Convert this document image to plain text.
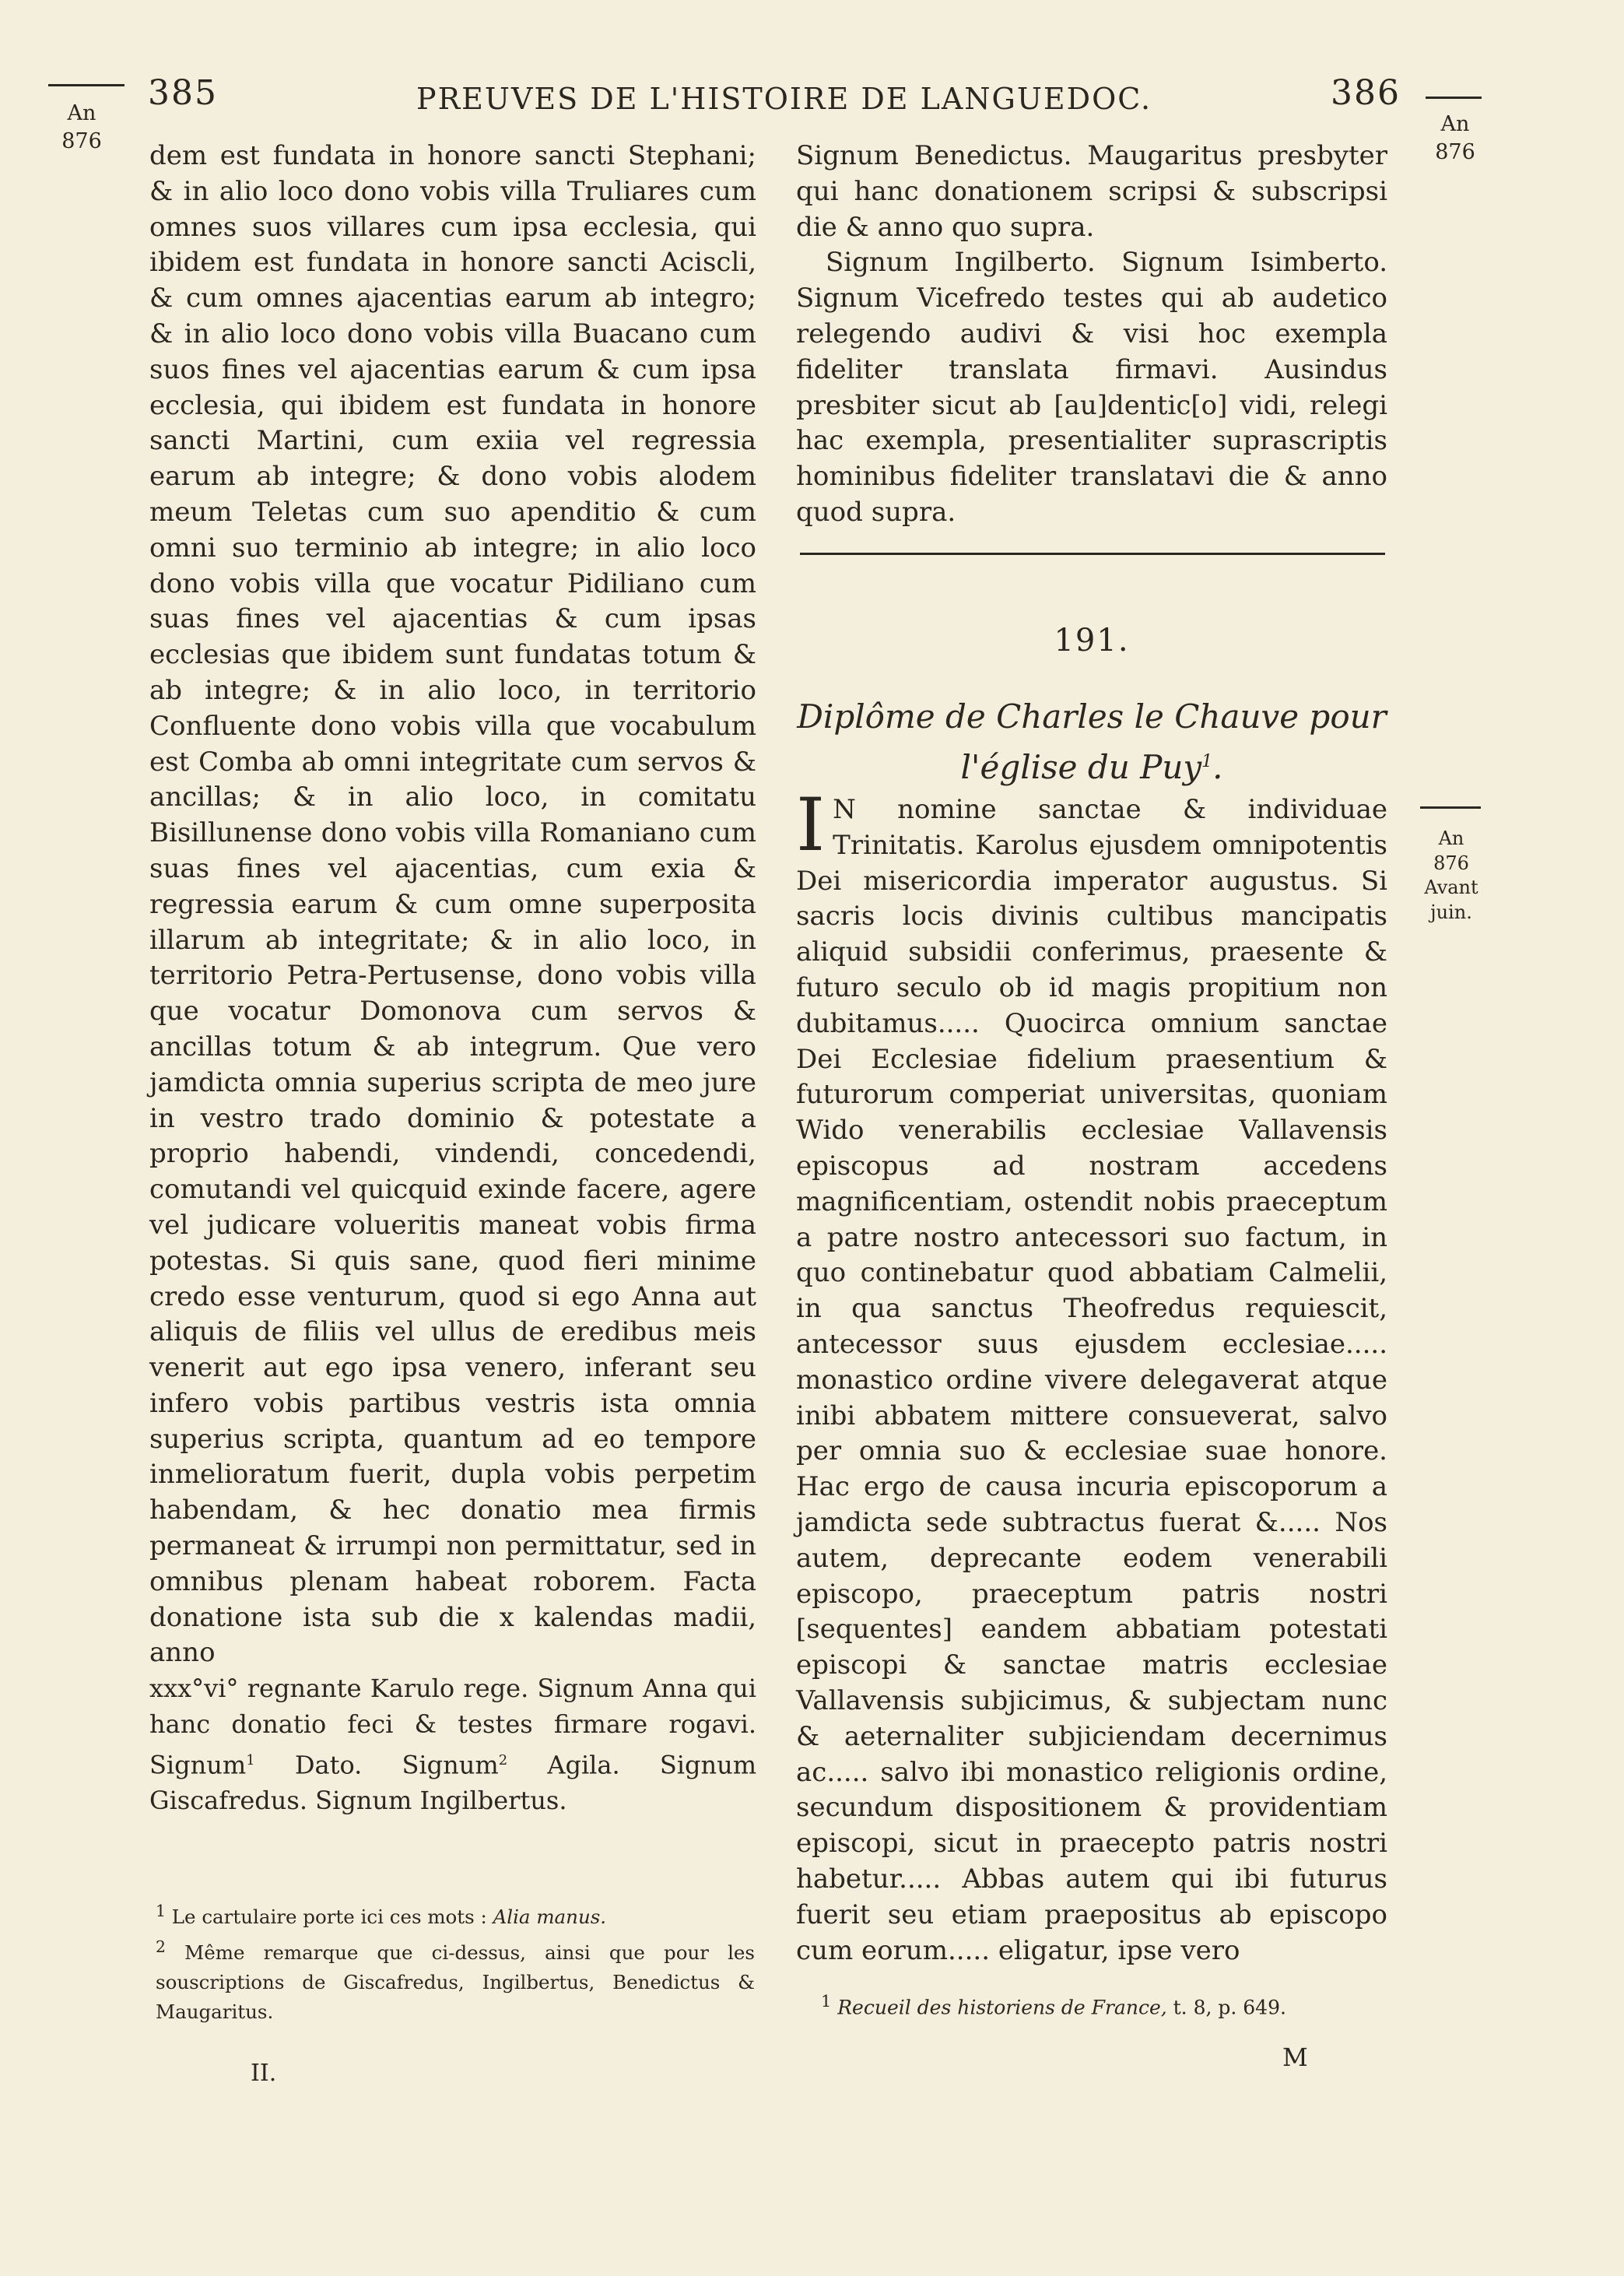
385	PREUVES DE L'HISTOIRE DE LANGUEDOC.	386
An
876
An
876
An
876
Avant
juin.

dem est fundata in honore sancti Stephani; & in alio loco dono vobis villa Truliares cum omnes suos villares cum ipsa ecclesia, qui ibidem est fundata in honore sancti Aciscli, & cum omnes ajacentias earum ab integro; & in alio loco dono vobis villa Buacano cum suos fines vel ajacentias earum & cum ipsa ecclesia, qui ibidem est fundata in honore sancti Martini, cum exiia vel regressia earum ab integre; & dono vobis alodem meum Teletas cum suo apenditio & cum omni suo terminio ab integre; in alio loco dono vobis villa que vocatur Pidiliano cum suas fines vel ajacentias & cum ipsas ecclesias que ibidem sunt fundatas totum & ab integre; & in alio loco, in territorio Confluente dono vobis villa que vocabulum est Comba ab omni integritate cum servos & ancillas; & in alio loco, in comitatu Bisillunense dono vobis villa Romaniano cum suas fines vel ajacentias, cum exia & regressia earum & cum omne superposita illarum ab integritate; & in alio loco, in territorio Petra-Pertusense, dono vobis villa que vocatur Domonova cum servos & ancillas totum & ab integrum. Que vero jamdicta omnia superius scripta de meo jure in vestro trado dominio & potestate a proprio habendi, vindendi, concedendi, comutandi vel quicquid exinde facere, agere vel judicare volueritis maneat vobis firma potestas. Si quis sane, quod fieri minime credo esse venturum, quod si ego Anna aut aliquis de filiis vel ullus de eredibus meis venerit aut ego ipsa venero, inferant seu infero vobis partibus vestris ista omnia superius scripta, quantum ad eo tempore inmelioratum fuerit, dupla vobis perpetim habendam, & hec donatio mea firmis permaneat & irrumpi non permittatur, sed in omnibus plenam habeat roborem. Facta donatione ista sub die x kalendas madii, anno

xxx°vi° regnante Karulo rege. Signum Anna qui hanc donatio feci & testes firmare rogavi. Signum$^1$ Dato. Signum$^2$ Agila. Signum Giscafredus. Signum Ingilbertus.

$^1$ Le cartulaire porte ici ces mots : Alia manus.

$^2$ Même remarque que ci-dessus, ainsi que pour les souscriptions de Giscafredus, Ingilbertus, Benedictus & Maugaritus.

II.

Signum Benedictus. Maugaritus presbyter qui hanc donationem scripsi & subscripsi die & anno quo supra.

Signum Ingilberto. Signum Isimberto. Signum Vicefredo testes qui ab audetico relegendo audivi & visi hoc exempla fideliter translata firmavi. Ausindus presbiter sicut ab [au]dentic[o] vidi, relegi hac exempla, presentialiter suprascriptis hominibus fideliter translatavi die & anno quod supra.

191.
Diplôme de Charles le Chauve pour l'église du Puy$^1$.

I N nomine sanctae & individuae Trinitatis. Karolus ejusdem omnipotentis Dei misericordia imperator augustus. Si sacris locis divinis cultibus mancipatis aliquid subsidii conferimus, praesente & futuro seculo ob id magis propitium non dubitamus..... Quocirca omnium sanctae Dei Ecclesiae fidelium praesentium & futurorum comperiat universitas, quoniam Wido venerabilis ecclesiae Vallavensis episcopus ad nostram accedens magnificentiam, ostendit nobis praeceptum a patre nostro antecessori suo factum, in quo continebatur quod abbatiam Calmelii, in qua sanctus Theofredus requiescit, antecessor suus ejusdem ecclesiae..... monastico ordine vivere delegaverat atque inibi abbatem mittere consueverat, salvo per omnia suo & ecclesiae suae honore. Hac ergo de causa incuria episcoporum a jamdicta sede subtractus fuerat &..... Nos autem, deprecante eodem venerabili episcopo, praeceptum patris nostri [sequentes] eandem abbatiam potestati episcopi & sanctae matris ecclesiae Vallavensis subjicimus, & subjectam nunc & aeternaliter subjiciendam decernimus ac..... salvo ibi monastico religionis ordine, secundum dispositionem & providentiam episcopi, sicut in praecepto patris nostri habetur..... Abbas autem qui ibi futurus fuerit seu etiam praepositus ab episcopo cum eorum..... eligatur, ipse vero

$^1$ Recueil des historiens de France, t. 8, p. 649.

M
